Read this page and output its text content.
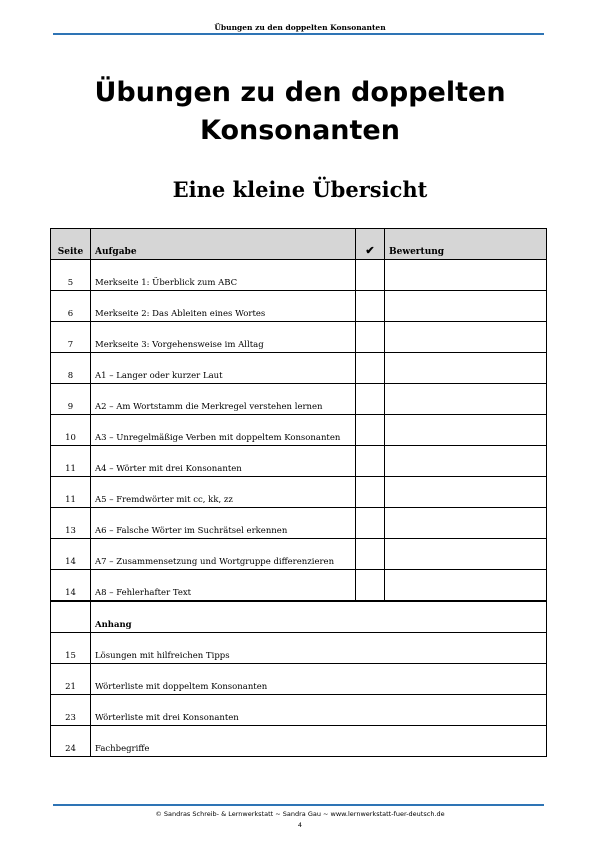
Übungen zu den doppelten Konsonanten
Übungen zu den doppelten
Konsonanten
Eine kleine Übersicht
Seite	Aufgabe	✔	Bewertung
5	Merkseite 1: Überblick zum ABC		
6	Merkseite 2: Das Ableiten eines Wortes		
7	Merkseite 3: Vorgehensweise im Alltag		
8	A1 – Langer oder kurzer Laut		
9	A2 – Am Wortstamm die Merkregel verstehen lernen		
10	A3 – Unregelmäßige Verben mit doppeltem Konsonanten		
11	A4 – Wörter mit drei Konsonanten		
11	A5 – Fremdwörter mit cc, kk, zz		
13	A6 – Falsche Wörter im Suchrätsel erkennen		
14	A7 – Zusammensetzung und Wortgruppe differenzieren		
14	A8 – Fehlerhafter Text		
	Anhang		
15	Lösungen mit hilfreichen Tipps		
21	Wörterliste mit doppeltem Konsonanten		
23	Wörterliste mit drei Konsonanten		
24	Fachbegriffe		
© Sandras Schreib- & Lernwerkstatt ~ Sandra Gau ~ www.lernwerkstatt-fuer-deutsch.de
4
